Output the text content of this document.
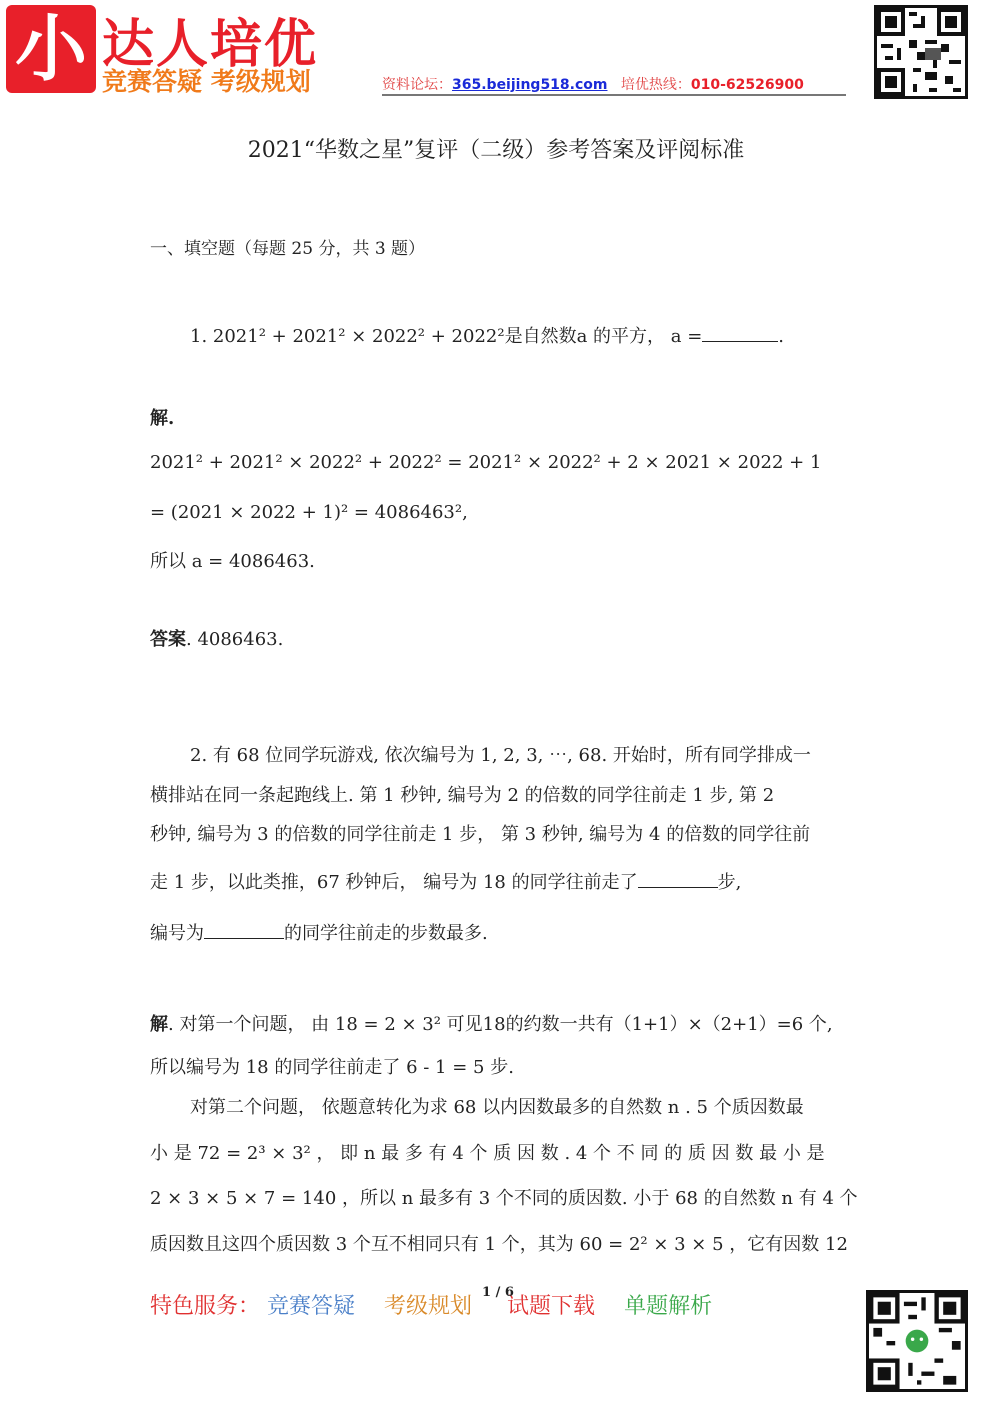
小 达人培优
竞赛答疑 考级规划	资料论坛：365.beijing518.com 培优热线：010-62526900
2021“华数之星”复评（二级）参考答案及评阅标准
一、填空题（每题 25 分，共 3 题）
1. 2021² + 2021² × 2022² + 2022²是自然数a 的平方， a =	.
解.
2021² + 2021² × 2022² + 2022² = 2021² × 2022² + 2 × 2021 × 2022 + 1
= (2021 × 2022 + 1)² = 4086463²,
所以 a = 4086463.
答案. 4086463.
2. 有 68 位同学玩游戏, 依次编号为 1, 2, 3, ⋯, 68. 开始时，所有同学排成一
横排站在同一条起跑线上. 第 1 秒钟, 编号为 2 的倍数的同学往前走 1 步, 第 2
秒钟, 编号为 3 的倍数的同学往前走 1 步， 第 3 秒钟, 编号为 4 的倍数的同学往前
走 1 步，以此类推，67 秒钟后， 编号为 18 的同学往前走了	步,
编号为	的同学往前走的步数最多.
解. 对第一个问题， 由 18 = 2 × 3² 可见18的约数一共有（1+1）×（2+1）=6 个,
所以编号为 18 的同学往前走了 6 - 1 = 5 步.
对第二个问题， 依题意转化为求 68 以内因数最多的自然数 n . 5 个质因数最
小 是 72 = 2³ × 3² ， 即 n 最 多 有 4 个 质 因 数 . 4 个 不 同 的 质 因 数 最 小 是
2 × 3 × 5 × 7 = 140 ，所以 n 最多有 3 个不同的质因数. 小于 68 的自然数 n 有 4 个
质因数且这四个质因数 3 个互不相同只有 1 个，其为 60 = 2² × 3 × 5 ，它有因数 12
特色服务： 竞赛答疑 考级规划 试题下载 单题解析
1 / 6
